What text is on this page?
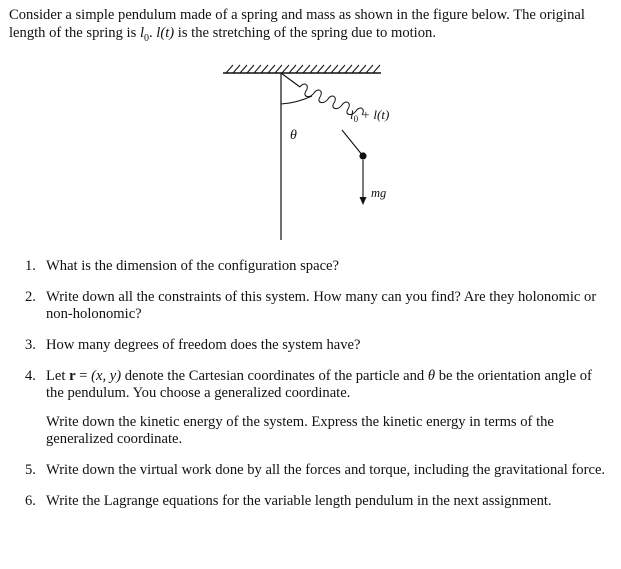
Consider a simple pendulum made of a spring and mass as shown in the figure below. The original length of the spring is $l_0$. l(t) is the stretching of the spring due to motion.
θ
$l_0 + l(t)$
mg
1. What is the dimension of the configuration space?

2. Write down all the constraints of this system. How many can you find? Are they holonomic or non-holonomic?

3. How many degrees of freedom does the system have?

4. Let r = (x, y) denote the Cartesian coordinates of the particle and θ be the orientation angle of the pendulum. You choose a generalized coordinate.

Write down the kinetic energy of the system. Express the kinetic energy in terms of the generalized coordinate.

5. Write down the virtual work done by all the forces and torque, including the gravitational force.

6. Write the Lagrange equations for the variable length pendulum in the next assignment.
